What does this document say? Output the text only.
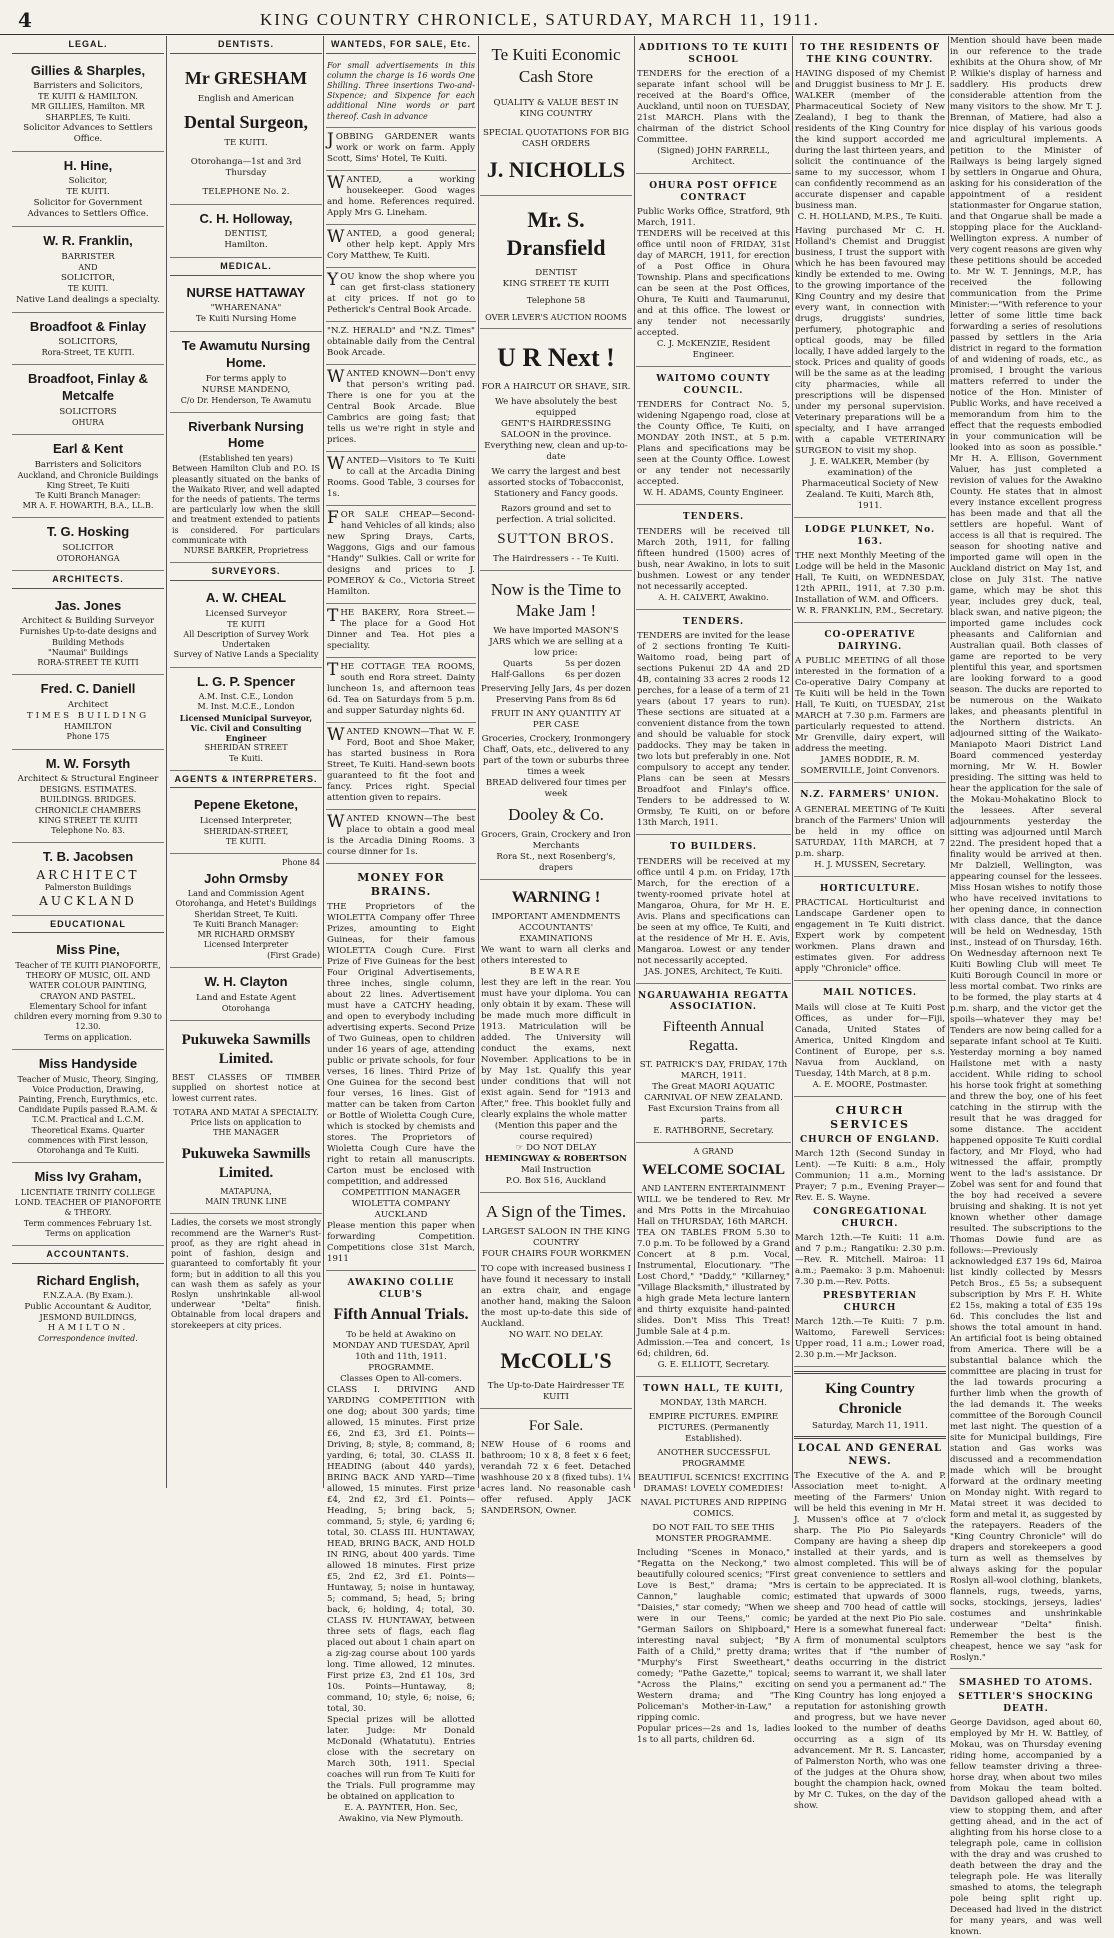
4	KING COUNTRY CHRONICLE, SATURDAY, MARCH 11, 1911.
LEGAL.
Gillies & Sharples,
Barristers and Solicitors,
TE KUITI & HAMILTON.
MR GILLIES, Hamilton. MR SHARPLES, Te Kuiti.
Solicitor Advances to Settlers Office.
H. Hine,
Solicitor,
TE KUITI.
Solicitor for Government Advances to Settlers Office.
W. R. Franklin,
BARRISTER
AND
SOLICITOR,
TE KUITI.
Native Land dealings a specialty.
Broadfoot & Finlay
SOLICITORS,
Rora-Street, TE KUITI.
Broadfoot, Finlay & Metcalfe
SOLICITORS
OHURA
Earl & Kent
Barristers and Solicitors
Auckland, and Chronicle Buildings King Street, Te Kuiti
Te Kuiti Branch Manager:
MR A. F. HOWARTH, B.A., LL.B.
T. G. Hosking
SOLICITOR
OTOROHANGA
ARCHITECTS.
Jas. Jones
Architect & Building Surveyor
Furnishes Up-to-date designs and Building Methods
"Naumai" Buildings
RORA-STREET TE KUITI
Fred. C. Daniell
Architect
TIMES BUILDING
HAMILTON
Phone 175
M. W. Forsyth
Architect & Structural Engineer
DESIGNS. ESTIMATES. BUILDINGS. BRIDGES.
CHRONICLE CHAMBERS
KING STREET TE KUITI
Telephone No. 83.
T. B. Jacobsen
ARCHITECT
Palmerston Buildings
AUCKLAND
EDUCATIONAL
Miss Pine,
Teacher of TE KUITI PIANOFORTE, THEORY OF MUSIC, OIL AND WATER COLOUR PAINTING, CRAYON AND PASTEL.
Elementary School for infant children every morning from 9.30 to 12.30.
Terms on application.
Miss Handyside
Teacher of Music, Theory, Singing, Voice Production, Drawing, Painting, French, Eurythmics, etc. Candidate Pupils passed R.A.M. & T.C.M. Practical and L.C.M. Theoretical Exams. Quarter commences with First lesson, Otorohanga and Te Kuiti.
Miss Ivy Graham,
LICENTIATE TRINITY COLLEGE LOND. TEACHER OF PIANOFORTE & THEORY.
Term commences February 1st. Terms on application
ACCOUNTANTS.
Richard English,
F.N.Z.A.A. (By Exam.).
Public Accountant & Auditor,
JESMOND BUILDINGS,
HAMILTON.
Correspondence invited.
DENTISTS.
Mr GRESHAM
English and American
Dental Surgeon,
TE KUITI.
Otorohanga—1st and 3rd Thursday
TELEPHONE No. 2.
C. H. Holloway,
DENTIST,
Hamilton.
MEDICAL.
NURSE HATTAWAY
"WHARENANA"
Te Kuiti Nursing Home
Te Awamutu Nursing Home.
For terms apply to
NURSE MANDENO,
C/o Dr. Henderson, Te Awamutu
Riverbank Nursing Home
(Established ten years)
Between Hamilton Club and P.O. IS pleasantly situated on the banks of the Waikato River, and well adapted for the needs of patients. The terms are particularly low when the skill and treatment extended to patients is considered. For particulars communicate with
NURSE BARKER, Proprietress
SURVEYORS.
A. W. CHEAL
Licensed Surveyor
TE KUITI
All Description of Survey Work Undertaken
Survey of Native Lands a Speciality
L. G. P. Spencer
A.M. Inst. C.E., London
M. Inst. M.C.E., London
Licensed Municipal Surveyor, Vic. Civil and Consulting Engineer
SHERIDAN STREET
Te Kuiti.
AGENTS & INTERPRETERS.
Pepene Eketone,
Licensed Interpreter,
SHERIDAN-STREET,
TE KUITI.
Phone 84
John Ormsby
Land and Commission Agent
Otorohanga, and Hetet's Buildings Sheridan Street, Te Kuiti.
Te Kuiti Branch Manager:
MR RICHARD ORMSBY
Licensed Interpreter
(First Grade)
W. H. Clayton
Land and Estate Agent
Otorohanga
Pukuweka Sawmills Limited.
BEST CLASSES OF TIMBER supplied on shortest notice at lowest current rates.
TOTARA AND MATAI A SPECIALTY.
Price lists on application to
THE MANAGER
Pukuweka Sawmills Limited.
MATAPUNA,
MAIN TRUNK LINE
Ladies, the corsets we most strongly recommend are the Warner's Rust-proof, as they are right ahead in point of fashion, design and guaranteed to comfortably fit your form; but in addition to all this you can wash them as safely as your Roslyn unshrinkable all-wool underwear "Delta" finish. Obtainable from local drapers and storekeepers at city prices.
WANTEDS, FOR SALE, Etc.
For small advertisements in this column the charge is 16 words One Shilling. Three insertions Two-and-Sixpence; and Sixpence for each additional Nine words or part thereof. Cash in advance
JOBBING GARDENER wants work or work on farm. Apply Scott, Sims' Hotel, Te Kuiti.
WANTED, a working housekeeper. Good wages and home. References required. Apply Mrs G. Lineham.
WANTED, a good general; other help kept. Apply Mrs Cory Matthew, Te Kuiti.
YOU know the shop where you can get first-class stationery at city prices. If not go to Petherick's Central Book Arcade.
"N.Z. HERALD" and "N.Z. Times" obtainable daily from the Central Book Arcade.
WANTED KNOWN—Don't envy that person's writing pad. There is one for you at the Central Book Arcade. Blue Cambrics are going fast; that tells us we're right in style and prices.
WANTED—Visitors to Te Kuiti to call at the Arcadia Dining Rooms. Good Table, 3 courses for 1s.
FOR SALE CHEAP—Second-hand Vehicles of all kinds; also new Spring Drays, Carts, Waggons, Gigs and our famous "Handy" Sulkies. Call or write for designs and prices to J. POMEROY & Co., Victoria Street Hamilton.
THE BAKERY, Rora Street.—The place for a Good Hot Dinner and Tea. Hot pies a speciality.
THE COTTAGE TEA ROOMS, south end Rora street. Dainty luncheon 1s, and afternoon teas 6d. Tea on Saturdays from 5 p.m. and supper Saturday nights 6d.
WANTED KNOWN—That W. F. Ford, Boot and Shoe Maker, has started business in Rora Street, Te Kuiti. Hand-sewn boots guaranteed to fit the foot and fancy. Prices right. Special attention given to repairs.
WANTED KNOWN—The best place to obtain a good meal is the Arcadia Dining Rooms. 3 course dinner for 1s.
MONEY FOR BRAINS.

THE Proprietors of the WIOLETTA Company offer Three Prizes, amounting to Eight Guineas, for their famous WIOLETTA Cough Cure. First Prize of Five Guineas for the best Four Original Advertisements, three inches, single column, about 22 lines. Advertisement must have a CATCHY heading, and open to everybody including advertising experts. Second Prize of Two Guineas, open to children under 16 years of age, attending public or private schools, for four verses, 16 lines. Third Prize of One Guinea for the second best four verses, 16 lines. Gist of matter can be taken from Carton or Bottle of Wioletta Cough Cure, which is stocked by chemists and stores. The Proprietors of Wioletta Cough Cure have the right to retain all manuscripts. Carton must be enclosed with competition, and addressed

COMPETITION MANAGER WIOLETTA COMPANY AUCKLAND

Please mention this paper when forwarding Competition. Competitions close 31st March, 1911

AWAKINO COLLIE CLUB'S
Fifth Annual Trials.

To be held at Awakino on MONDAY AND TUESDAY, April 10th and 11th, 1911.

PROGRAMME.

Classes Open to All-comers.

CLASS I. DRIVING AND YARDING COMPETITION with one dog; about 300 yards; time allowed, 15 minutes. First prize £6, 2nd £3, 3rd £1. Points—Driving, 8; style, 8; command, 8; yarding, 6; total, 30. CLASS II. HEADING (about 440 yards), BRING BACK AND YARD—Time allowed, 15 minutes. First prize £4, 2nd £2, 3rd £1. Points—Heading, 5; bring back, 5; command, 5; style, 6; yarding 6; total, 30. CLASS III. HUNTAWAY, HEAD, BRING BACK, AND HOLD IN RING, about 400 yards. Time allowed 18 minutes. First prize £5, 2nd £2, 3rd £1. Points—Huntaway, 5; noise in huntaway, 5; command, 5; head, 5; bring back, 6; holding, 4; total, 30. CLASS IV. HUNTAWAY, between three sets of flags, each flag placed out about 1 chain apart on a zig-zag course about 100 yards long. Time allowed, 12 minutes. First prize £3, 2nd £1 10s, 3rd 10s. Points—Huntaway, 8; command, 10; style, 6; noise, 6; total, 30.

Special prizes will be allotted later. Judge: Mr Donald McDonald (Whatatutu). Entries close with the secretary on March 30th, 1911. Special coaches will run from Te Kuiti for the Trials. Full programme may be obtained on application to

E. A. PAYNTER, Hon. Sec, Awakino, via New Plymouth.

Te Kuiti Economic Cash Store
QUALITY & VALUE BEST IN KING COUNTRY
SPECIAL QUOTATIONS FOR BIG CASH ORDERS
J. NICHOLLS
Mr. S. Dransfield
DENTIST
KING STREET TE KUITI
Telephone 58
OVER LEVER'S AUCTION ROOMS
U R Next !
FOR A HAIRCUT OR SHAVE, SIR.
We have absolutely the best equipped
GENT'S HAIRDRESSING SALOON in the province.
Everything new, clean and up-to-date
We carry the largest and best assorted stocks of Tobacconist, Stationery and Fancy goods.
Razors ground and set to perfection. A trial solicited.
SUTTON BROS.
The Hairdressers - - Te Kuiti.
Now is the Time to Make Jam !
We have imported MASON'S JARS which we are selling at a low price:
Quarts	5s per dozen
Half-Gallons	6s per dozen
Preserving Jelly Jars, 4s per dozen
Preserving Pans from 8s 6d
FRUIT IN ANY QUANTITY AT PER CASE
Groceries, Crockery, Ironmongery Chaff, Oats, etc., delivered to any part of the town or suburbs three times a week
BREAD delivered four times per week
Dooley & Co.
Grocers, Grain, Crockery and Iron Merchants
Rora St., next Rosenberg's, drapers
WARNING !
IMPORTANT AMENDMENTS
ACCOUNTANTS' EXAMINATIONS

We want to warn all clerks and others interested to

BEWARE

lest they are left in the rear. You must have your diploma. You can only obtain it by exam. These will be made much more difficult in 1913. Matriculation will be added. The University will conduct the exams, next November. Applications to be in by May 1st. Qualify this year under conditions that will not exist again. Send for "1913 and After," free. This booklet fully and clearly explains the whole matter

(Mention this paper and the course required)
☞ DO NOT DELAY
HEMINGWAY & ROBERTSON
Mail Instruction
P.O. Box 516, Auckland
A Sign of the Times.
LARGEST SALOON IN THE KING COUNTRY
FOUR CHAIRS FOUR WORKMEN

TO cope with increased business I have found it necessary to install an extra chair, and engage another hand, making the Saloon the most up-to-date this side of Auckland.

NO WAIT. NO DELAY.
McCOLL'S
The Up-to-Date Hairdresser TE KUITI
For Sale.

NEW House of 6 rooms and bathroom; 10 x 8, 8 feet x 6 feet; verandah 72 x 6 feet. Detached washhouse 20 x 8 (fixed tubs). 1¼ acres land. No reasonable cash offer refused. Apply JACK SANDERSON, Owner.

ADDITIONS TO TE KUITI SCHOOL

TENDERS for the erection of a separate infant school will be received at the Board's Office, Auckland, until noon on TUESDAY, 21st MARCH. Plans with the chairman of the district School Committee.

(Signed) JOHN FARRELL, Architect.

OHURA POST OFFICE CONTRACT

Public Works Office, Stratford, 9th March, 1911.

TENDERS will be received at this office until noon of FRIDAY, 31st day of MARCH, 1911, for erection of a Post Office in Ohura Township. Plans and specifications can be seen at the Post Offices, Ohura, Te Kuiti and Taumarunui, and at this office. The lowest or any tender not necessarily accepted.

C. J. McKENZIE, Resident Engineer.

WAITOMO COUNTY COUNCIL.

TENDERS for Contract No. 5, widening Ngapengo road, close at the County Office, Te Kuiti, on MONDAY 20th INST., at 5 p.m. Plans and specifications may be seen at the County Office. Lowest or any tender not necessarily accepted.

W. H. ADAMS, County Engineer.

TENDERS.

TENDERS will be received till March 20th, 1911, for falling fifteen hundred (1500) acres of bush, near Awakino, in lots to suit bushmen. Lowest or any tender not necessarily accepted.

A. H. CALVERT, Awakino.

TENDERS.

TENDERS are invited for the lease of 2 sections fronting Te Kuiti-Waitomo road, being part of sections Pukenui 2D 4A and 2D 4B, containing 33 acres 2 roods 12 perches, for a lease of a term of 21 years (about 17 years to run). These sections are situated at a convenient distance from the town and should be valuable for stock paddocks. They may be taken in two lots but preferably in one. Not compulsory to accept any tender. Plans can be seen at Messrs Broadfoot and Finlay's office. Tenders to be addressed to W. Ormsby, Te Kuiti, on or before 13th March, 1911.

TO BUILDERS.

TENDERS will be received at my office until 4 p.m. on Friday, 17th March, for the erection of a twenty-roomed private hotel at Mangaroa, Ohura, for Mr H. E. Avis. Plans and specifications can be seen at my office, Te Kuiti, and at the residence of Mr H. E. Avis, Mangaroa. Lowest or any tender not necessarily accepted.

JAS. JONES, Architect, Te Kuiti.

NGARUAWAHIA REGATTA ASSOCIATION.
Fifteenth Annual Regatta.

ST. PATRICK'S DAY, FRIDAY, 17th MARCH, 1911.

The Great MAORI AQUATIC CARNIVAL OF NEW ZEALAND.

Fast Excursion Trains from all parts.

E. RATHBORNE, Secretary.

A GRAND
WELCOME SOCIAL
AND LANTERN ENTERTAINMENT

WILL we be tendered to Rev. Mr and Mrs Potts in the Mircahuiao Hall on THURSDAY, 16th MARCH.

TEA ON TABLES FROM 5.30 to 7.0 p.m. To be followed by a Grand Concert at 8 p.m. Vocal, Instrumental, Elocutionary. "The Lost Chord," "Daddy," "Killarney," "Village Blacksmith," illustrated by a high grade Meta lecture lantern and thirty exquisite hand-painted slides. Don't Miss This Treat! Jumble Sale at 4 p.m.

Admission.—Tea and concert, 1s 6d; children, 6d.

G. E. ELLIOTT, Secretary.

TOWN HALL, TE KUITI,
MONDAY, 13th MARCH.
EMPIRE PICTURES. EMPIRE PICTURES. (Permanently Established).
ANOTHER SUCCESSFUL PROGRAMME
BEAUTIFUL SCENICS! EXCITING DRAMAS! LOVELY COMEDIES!
NAVAL PICTURES AND RIPPING COMICS.
DO NOT FAIL TO SEE THIS MONSTER PROGRAMME.

Including "Scenes in Monaco," "Regatta on the Neckong," two beautifully coloured scenics; "First Love is Best," drama; "Mrs Cannon," laughable comic; "Daisies," star comedy; "When we were in our Teens," comic; "German Sailors on Shipboard," interesting naval subject; "By Faith of a Child," pretty drama; "Murphy's First Sweetheart," comedy; "Pathe Gazette," topical; "Across the Plains," exciting Western drama; and "The Policeman's Mother-in-Law," a ripping comic.

Popular prices—2s and 1s, ladies 1s to all parts, children 6d.

TO THE RESIDENTS OF THE KING COUNTRY.

HAVING disposed of my Chemist and Druggist business to Mr J. E. WALKER (member of the Pharmaceutical Society of New Zealand), I beg to thank the residents of the King Country for the kind support accorded me during the last thirteen years, and solicit the continuance of the same to my successor, whom I can confidently recommend as an accurate dispenser and capable business man.

C. H. HOLLAND, M.P.S., Te Kuiti.

Having purchased Mr C. H. Holland's Chemist and Druggist business, I trust the support with which he has been favoured may kindly be extended to me. Owing to the growing importance of the King Country and my desire that every want, in connection with drugs, druggists' sundries, perfumery, photographic and optical goods, may be filled locally, I have added largely to the stock. Prices and quality of goods will be the same as at the leading city pharmacies, while all prescriptions will be dispensed under my personal supervision. Veterinary preparations will be a specialty, and I have arranged with a capable VETERINARY SURGEON to visit my shop.

J. E. WALKER, Member (by examination) of the Pharmaceutical Society of New Zealand. Te Kuiti, March 8th, 1911.

LODGE PLUNKET, No. 163.

THE next Monthly Meeting of the Lodge will be held in the Masonic Hall, Te Kuiti, on WEDNESDAY, 12th APRIL, 1911, at 7.30 p.m. Installation of W.M. and Officers.

W. R. FRANKLIN, P.M., Secretary.

CO-OPERATIVE DAIRYING.

A PUBLIC MEETING of all those interested in the formation of a Co-operative Dairy Company at Te Kuiti will be held in the Town Hall, Te Kuiti, on TUESDAY, 21st MARCH at 7.30 p.m. Farmers are particularly requested to attend. Mr Grenville, dairy expert, will address the meeting.

JAMES BODDIE, R. M. SOMERVILLE, Joint Convenors.

N.Z. FARMERS' UNION.

A GENERAL MEETING of Te Kuiti branch of the Farmers' Union will be held in my office on SATURDAY, 11th MARCH, at 7 p.m. sharp.

H. J. MUSSEN, Secretary.

HORTICULTURE.

PRACTICAL Horticulturist and Landscape Gardener open to engagement in Te Kuiti district. Expert work by competent workmen. Plans drawn and estimates given. For address apply "Chronicle" office.

MAIL NOTICES.

Mails will close at Te Kuiti Post Offices, as under for—Fiji, Canada, United States of America, United Kingdom and Continent of Europe, per s.s. Navua from Auckland, on Tuesday, 14th March, at 8 p.m.

A. E. MOORE, Postmaster.

CHURCH SERVICES
CHURCH OF ENGLAND.

March 12th (Second Sunday in Lent). —Te Kuiti: 8 a.m., Holy Communion; 11 a.m., Morning Prayer; 7 p.m., Evening Prayer—Rev. E. S. Wayne.

CONGREGATIONAL CHURCH.

March 12th.—Te Kuiti: 11 a.m. and 7 p.m.; Rangatiku: 2.30 p.m.—Rev. R. Mitchell. Mairoa: 11 a.m.; Paemako: 3 p.m. Mahoenui: 7.30 p.m.—Rev. Potts.

PRESBYTERIAN CHURCH

March 12th.—Te Kuiti: 7 p.m. Waitomo, Farewell Services: Upper road, 11 a.m.; Lower road, 2.30 p.m.—Mr Jackson.

King Country Chronicle
Saturday, March 11, 1911.
LOCAL AND GENERAL NEWS.

The Executive of the A. and P. Association meet to-night. A meeting of the Farmers' Union will be held this evening in Mr H. J. Mussen's office at 7 o'clock sharp. The Pio Pio Saleyards Company are having a sheep dip installed at their yards, and is almost completed. This will be of great convenience to settlers and is certain to be appreciated. It is estimated that upwards of 3000 sheep and 700 head of cattle will be yarded at the next Pio Pio sale. Here is a somewhat funereal fact: A firm of monumental sculptors writes that if "the number of deaths occurring in the district seems to warrant it, we shall later on send you a permanent ad." The King Country has long enjoyed a reputation for astonishing growth and progress, but we have never looked to the number of deaths occurring as a sign of its advancement. Mr R. S. Lancaster, of Palmerston North, who was one of the judges at the Ohura show, bought the champion hack, owned by Mr C. Tukes, on the day of the show.

Mention should have been made in our reference to the trade exhibits at the Ohura show, of Mr P. Wilkie's display of harness and saddlery. His products drew considerable attention from the many visitors to the show. Mr T. J. Brennan, of Matiere, had also a nice display of his various goods and agricultural implements. A petition to the Minister of Railways is being largely signed by settlers in Ongarue and Ohura, asking for his consideration of the appointment of a resident stationmaster for Ongarue station, and that Ongarue shall be made a stopping place for the Auckland-Wellington express. A number of very cogent reasons are given why these petitions should be acceded to. Mr W. T. Jennings, M.P., has received the following communication from the Prime Minister:—"With reference to your letter of some little time back forwarding a series of resolutions passed by settlers in the Aria district in regard to the formation of and widening of roads, etc., as promised, I brought the various matters referred to under the notice of the Hon. Minister of Public Works, and have received a memorandum from him to the effect that the requests embodied in your communication will be looked into as soon as possible." Mr H. A. Ellison, Government Valuer, has just completed a revision of values for the Awakino County. He states that in almost every instance excellent progress has been made and that all the settlers are hopeful. Want of access is all that is required. The season for shooting native and imported game will open in the Auckland district on May 1st, and close on July 31st. The native game, which may be shot this year, includes grey duck, teal, black swan, and native pigeon; the imported game includes cock pheasants and Californian and Australian quail. Both classes of game are reported to be very plentiful this year, and sportsmen are looking forward to a good season. The ducks are reported to be numerous on the Waikato lakes, and pheasants plentiful in the Northern districts. An adjourned sitting of the Waikato-Maniapoto Maori District Land Board commenced yesterday morning, Mr W. H. Bowler presiding. The sitting was held to hear the application for the sale of the Mokau-Mohakatino Block to the lessees. After several adjournments yesterday the sitting was adjourned until March 22nd. The president hoped that a finality would be arrived at then. Mr Dalziell, Wellington, was appearing counsel for the lessees. Miss Hosan wishes to notify those who have received invitations to her opening dance, in connection with class dance, that the dance will be held on Wednesday, 15th inst., instead of on Thursday, 16th. On Wednesday afternoon next Te Kuiti Bowling Club will meet Te Kuiti Borough Council in more or less mortal combat. Two rinks are to be formed, the play starts at 4 p.m. sharp, and the victor get the spoils—whatever they may be! Tenders are now being called for a separate infant school at Te Kuiti. Yesterday morning a boy named Hailstone met with a nasty accident. While riding to school his horse took fright at something and threw the boy, one of his feet catching in the stirrup with the result that he was dragged for some distance. The accident happened opposite Te Kuiti cordial factory, and Mr Floyd, who had witnessed the affair, promptly went to the lad's assistance. Dr Zobel was sent for and found that the boy had received a severe bruising and shaking. It is not yet known whether other damage resulted. The subscriptions to the Thomas Dowie fund are as follows:—Previously acknowledged £37 19s 6d, Mairoa list kindly collected by Messrs Petch Bros., £5 5s; a subsequent subscription by Mrs F. H. White £2 15s, making a total of £35 19s 6d. This concludes the list and shows the total amount in hand. An artificial foot is being obtained from America. There will be a substantial balance which the committee are placing in trust for the lad towards procuring a further limb when the growth of the lad demands it. The weeks committee of the Borough Council met last night. The question of a site for Municipal buildings, Fire station and Gas works was discussed and a recommendation made which will be brought forward at the ordinary meeting on Monday night. With regard to Matai street it was decided to form and metal it, as suggested by the ratepayers. Readers of the "King Country Chronicle" will do drapers and storekeepers a good turn as well as themselves by always asking for the popular Roslyn all-wool clothing, blankets, flannels, rugs, tweeds, yarns, socks, stockings, jerseys, ladies' costumes and unshrinkable underwear "Delta" finish. Remember the best is the cheapest, hence we say "ask for Roslyn."

SMASHED TO ATOMS.
SETTLER'S SHOCKING DEATH.

George Davidson, aged about 60, employed by Mr H. W. Battley, of Mokau, was on Thursday evening riding home, accompanied by a fellow teamster driving a three-horse dray, when about two miles from Mokau the team bolted. Davidson galloped ahead with a view to stopping them, and after getting ahead, and in the act of alighting from his horse close to a telegraph pole, came in collision with the dray and was crushed to death between the dray and the telegraph pole. He was literally smashed to atoms, the telegraph pole being split right up. Deceased had lived in the district for many years, and was well known.
